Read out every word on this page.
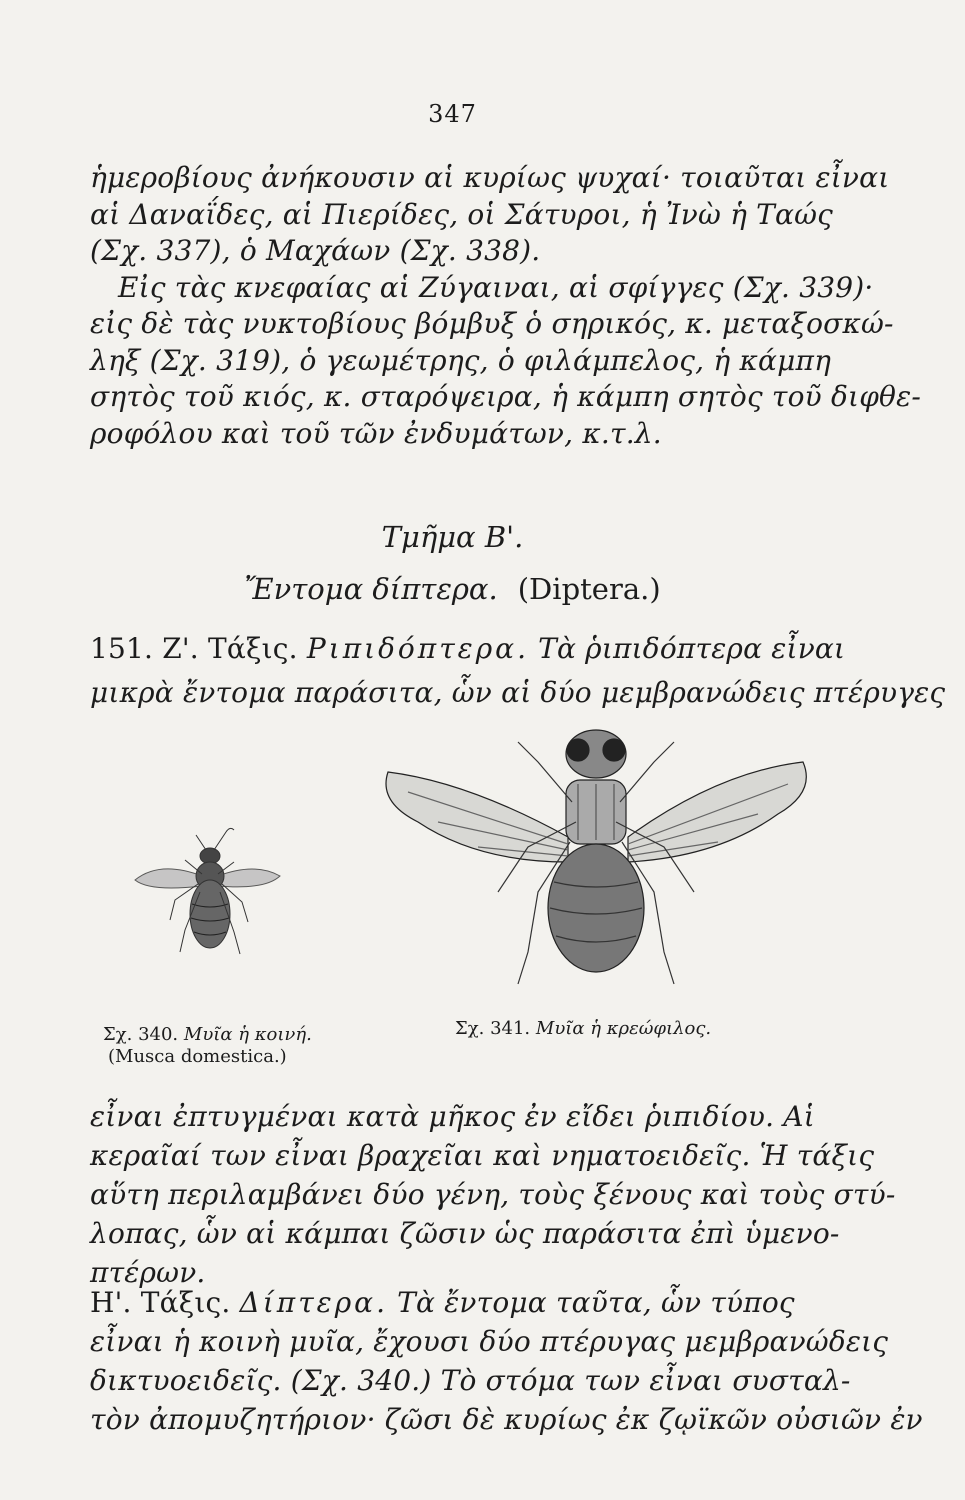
347
ἡμεροβίους ἀνήκουσιν αἱ κυρίως ψυχαί· τοιαῦται εἶναι
αἱ Δαναΐδες, αἱ Πιερίδες, οἱ Σάτυροι, ἡ Ἰνὼ ἡ Ταώς
(Σχ. 337), ὁ Μαχάων (Σχ. 338).
Εἰς τὰς κνεφαίας αἱ Ζύγαιναι, αἱ σφίγγες (Σχ. 339)·
εἰς δὲ τὰς νυκτοβίους βόμβυξ ὁ σηρικός, κ. μεταξοσκώ-
ληξ (Σχ. 319), ὁ γεωμέτρης, ὁ φιλάμπελος, ἡ κάμπη
σητὸς τοῦ κιός, κ. σταρόψειρα, ἡ κάμπη σητὸς τοῦ διφθε-
ροφόλου καὶ τοῦ τῶν ἐνδυμάτων, κ.τ.λ.
Τμῆμα Β'.
Ἔντομα δίπτερα. (Diptera.)
151. Ζ'. Τάξις. Ριπιδόπτερα. Τὰ ῥιπιδόπτερα εἶναι
μικρὰ ἔντομα παράσιτα, ὧν αἱ δύο μεμβρανώδεις πτέρυγες
Σχ. 340. Μυῖα ἡ κοινή.
(Musca domestica.)
Σχ. 341. Μυῖα ἡ κρεώφιλος.
εἶναι ἐπτυγμέναι κατὰ μῆκος ἐν εἴδει ῥιπιδίου. Αἱ
κεραῖαί των εἶναι βραχεῖαι καὶ νηματοειδεῖς. Ἡ τάξις
αὕτη περιλαμβάνει δύο γένη, τοὺς ξένους καὶ τοὺς στύ-
λοπας, ὧν αἱ κάμπαι ζῶσιν ὡς παράσιτα ἐπὶ ὑμενο-
πτέρων.
Η'. Τάξις. Δίπτερα. Τὰ ἔντομα ταῦτα, ὧν τύπος
εἶναι ἡ κοινὴ μυῖα, ἔχουσι δύο πτέρυγας μεμβρανώδεις
δικτυοειδεῖς. (Σχ. 340.) Τὸ στόμα των εἶναι συσταλ-
τὸν ἀπομυζητήριον· ζῶσι δὲ κυρίως ἐκ ζῳϊκῶν οὐσιῶν ἐν
